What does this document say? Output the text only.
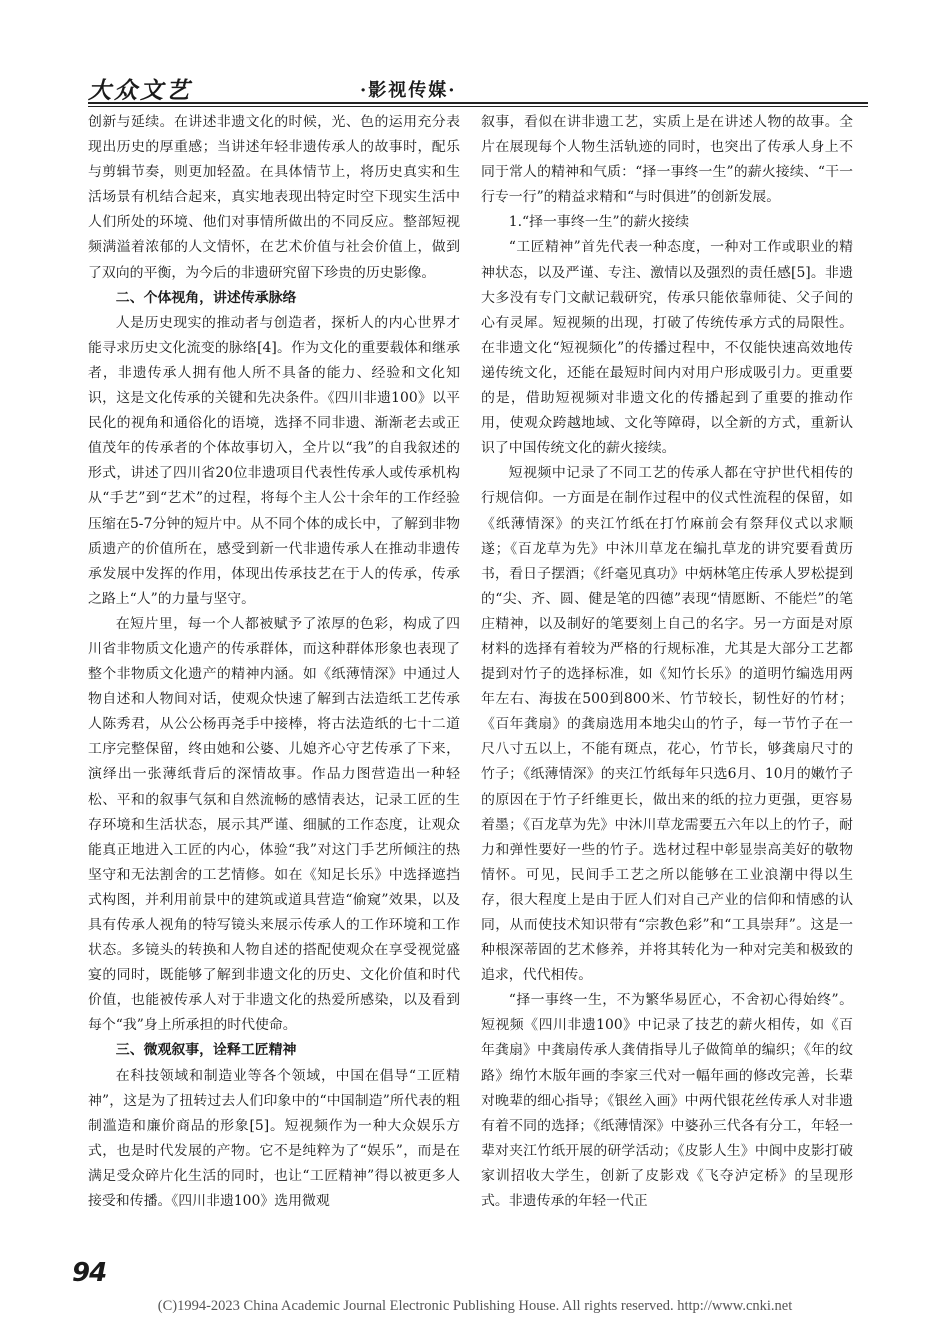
大众文艺	·影视传媒·

创新与延续。在讲述非遗文化的时候，光、色的运用充分表现出历史的厚重感；当讲述年轻非遗传承人的故事时，配乐与剪辑节奏，则更加轻盈。在具体情节上，将历史真实和生活场景有机结合起来，真实地表现出特定时空下现实生活中人们所处的环境、他们对事情所做出的不同反应。整部短视频满溢着浓郁的人文情怀，在艺术价值与社会价值上，做到了双向的平衡，为今后的非遗研究留下珍贵的历史影像。

二、个体视角，讲述传承脉络

人是历史现实的推动者与创造者，探析人的内心世界才能寻求历史文化流变的脉络[4]。作为文化的重要载体和继承者，非遗传承人拥有他人所不具备的能力、经验和文化知识，这是文化传承的关键和先决条件。《四川非遗100》以平民化的视角和通俗化的语境，选择不同非遗、渐渐老去或正值茂年的传承者的个体故事切入，全片以“我”的自我叙述的形式，讲述了四川省20位非遗项目代表性传承人或传承机构从“手艺”到“艺术”的过程，将每个主人公十余年的工作经验压缩在5-7分钟的短片中。从不同个体的成长中，了解到非物质遗产的价值所在，感受到新一代非遗传承人在推动非遗传承发展中发挥的作用，体现出传承技艺在于人的传承，传承之路上“人”的力量与坚守。

在短片里，每一个人都被赋予了浓厚的色彩，构成了四川省非物质文化遗产的传承群体，而这种群体形象也表现了整个非物质文化遗产的精神内涵。如《纸薄情深》中通过人物自述和人物间对话，使观众快速了解到古法造纸工艺传承人陈秀君，从公公杨再尧手中接棒，将古法造纸的七十二道工序完整保留，终由她和公婆、儿媳齐心守艺传承了下来，演绎出一张薄纸背后的深情故事。作品力图营造出一种轻松、平和的叙事气氛和自然流畅的感情表达，记录工匠的生存环境和生活状态，展示其严谨、细腻的工作态度，让观众能真正地进入工匠的内心，体验“我”对这门手艺所倾注的热坚守和无法割舍的工艺情修。如在《知足长乐》中选择遮挡式构图，并利用前景中的建筑或道具营造“偷窥”效果，以及具有传承人视角的特写镜头来展示传承人的工作环境和工作状态。多镜头的转换和人物自述的搭配使观众在享受视觉盛宴的同时，既能够了解到非遗文化的历史、文化价值和时代价值，也能被传承人对于非遗文化的热爱所感染，以及看到每个“我”身上所承担的时代使命。

三、微观叙事，诠释工匠精神

在科技领域和制造业等各个领域，中国在倡导“工匠精神”，这是为了扭转过去人们印象中的“中国制造”所代表的粗制滥造和廉价商品的形象[5]。短视频作为一种大众娱乐方式，也是时代发展的产物。它不是纯粹为了“娱乐”，而是在满足受众碎片化生活的同时，也让“工匠精神”得以被更多人接受和传播。《四川非遗100》选用微观

叙事，看似在讲非遗工艺，实质上是在讲述人物的故事。全片在展现每个人物生活轨迹的同时，也突出了传承人身上不同于常人的精神和气质：“择一事终一生”的薪火接续、“干一行专一行”的精益求精和“与时俱进”的创新发展。

1.“择一事终一生”的薪火接续

“工匠精神”首先代表一种态度，一种对工作或职业的精神状态，以及严谨、专注、激情以及强烈的责任感[5]。非遗大多没有专门文献记载研究，传承只能依靠师徒、父子间的心有灵犀。短视频的出现，打破了传统传承方式的局限性。在非遗文化“短视频化”的传播过程中，不仅能快速高效地传递传统文化，还能在最短时间内对用户形成吸引力。更重要的是，借助短视频对非遗文化的传播起到了重要的推动作用，使观众跨越地域、文化等障碍，以全新的方式，重新认识了中国传统文化的薪火接续。

短视频中记录了不同工艺的传承人都在守护世代相传的行规信仰。一方面是在制作过程中的仪式性流程的保留，如《纸薄情深》的夹江竹纸在打竹麻前会有祭拜仪式以求顺遂；《百龙草为先》中沐川草龙在编扎草龙的讲究要看黄历书，看日子摆酒；《纤毫见真功》中炳林笔庄传承人罗松提到的“尖、齐、圆、健是笔的四德”表现“情愿断、不能烂”的笔庄精神，以及制好的笔要刻上自己的名字。另一方面是对原材料的选择有着较为严格的行规标准，尤其是大部分工艺都提到对竹子的选择标准，如《知竹长乐》的道明竹编选用两年左右、海拔在500到800米、竹节较长，韧性好的竹材；《百年龚扇》的龚扇选用本地尖山的竹子，每一节竹子在一尺八寸五以上，不能有斑点，花心，竹节长，够龚扇尺寸的竹子；《纸薄情深》的夹江竹纸每年只选6月、10月的嫩竹子的原因在于竹子纤维更长，做出来的纸的拉力更强，更容易着墨；《百龙草为先》中沐川草龙需要五六年以上的竹子，耐力和弹性要好一些的竹子。选材过程中彰显崇高美好的敬物情怀。可见，民间手工艺之所以能够在工业浪潮中得以生存，很大程度上是由于匠人们对自己产业的信仰和情感的认同，从而使技术知识带有“宗教色彩”和“工具崇拜”。这是一种根深蒂固的艺术修养，并将其转化为一种对完美和极致的追求，代代相传。

“择一事终一生，不为繁华易匠心，不舍初心得始终”。短视频《四川非遗100》中记录了技艺的薪火相传，如《百年龚扇》中龚扇传承人龚倩指导儿子做简单的编织；《年的纹路》绵竹木版年画的李家三代对一幅年画的修改完善，长辈对晚辈的细心指导；《银丝入画》中两代银花丝传承人对非遗有着不同的选择；《纸薄情深》中婆孙三代各有分工，年轻一辈对夹江竹纸开展的研学活动；《皮影人生》中阆中皮影打破家训招收大学生，创新了皮影戏《飞夺泸定桥》的呈现形式。非遗传承的年轻一代正

94
(C)1994-2023 China Academic Journal Electronic Publishing House. All rights reserved. http://www.cnki.net
